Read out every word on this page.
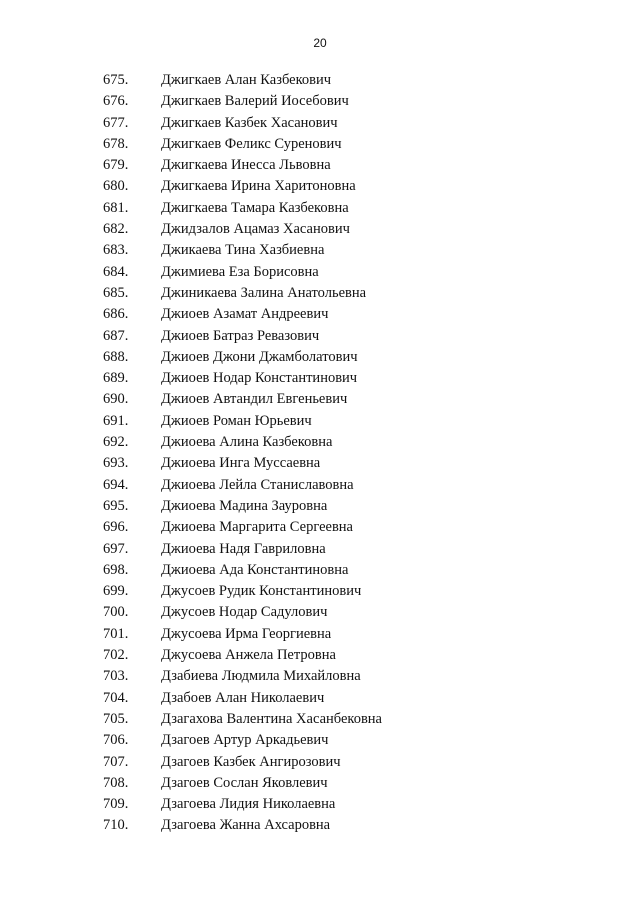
20
675. Джигкаев Алан Казбекович
676. Джигкаев Валерий Иосебович
677. Джигкаев Казбек Хасанович
678. Джигкаев Феликс Суренович
679. Джигкаева Инесса Львовна
680. Джигкаева Ирина Харитоновна
681. Джигкаева Тамара Казбековна
682. Джидзалов Ацамаз Хасанович
683. Джикаева Тина Хазбиевна
684. Джимиева Еза Борисовна
685. Джиникаева Залина Анатольевна
686. Джиоев Азамат Андреевич
687. Джиоев Батраз Ревазович
688. Джиоев Джони Джамболатович
689. Джиоев Нодар Константинович
690. Джиоев Автандил Евгеньевич
691. Джиоев Роман Юрьевич
692. Джиоева Алина Казбековна
693. Джиоева Инга Муссаевна
694. Джиоева Лейла Станиславовна
695. Джиоева Мадина Зауровна
696. Джиоева Маргарита Сергеевна
697. Джиоева Надя Гавриловна
698. Джиоева Ада Константиновна
699. Джусоев Рудик Константинович
700. Джусоев Нодар Садулович
701. Джусоева Ирма Георгиевна
702. Джусоева Анжела Петровна
703. Дзабиева Людмила Михайловна
704. Дзабоев Алан Николаевич
705. Дзагахова Валентина Хасанбековна
706. Дзагоев Артур Аркадьевич
707. Дзагоев Казбек Ангирозович
708. Дзагоев Сослан Яковлевич
709. Дзагоева Лидия Николаевна
710. Дзагоева Жанна Ахсаровна
